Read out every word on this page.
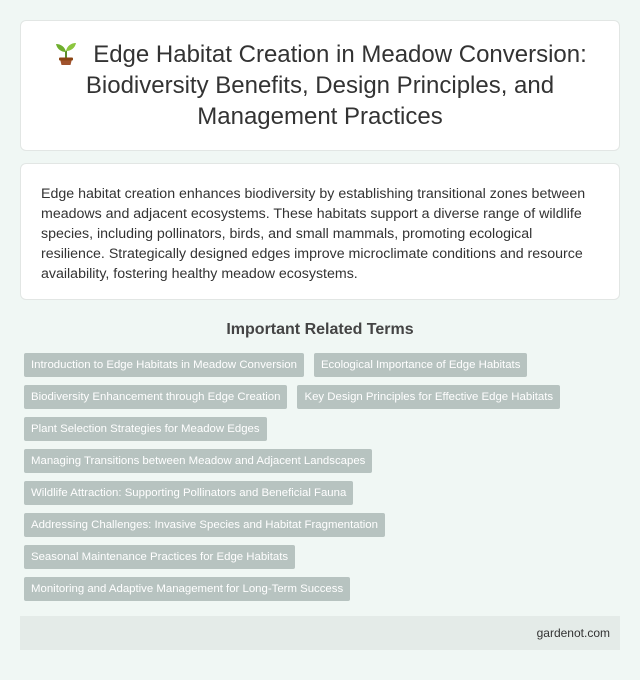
Edge Habitat Creation in Meadow Conversion: Biodiversity Benefits, Design Principles, and Management Practices

Edge habitat creation enhances biodiversity by establishing transitional zones between meadows and adjacent ecosystems. These habitats support a diverse range of wildlife species, including pollinators, birds, and small mammals, promoting ecological resilience. Strategically designed edges improve microclimate conditions and resource availability, fostering healthy meadow ecosystems.

Important Related Terms
Introduction to Edge Habitats in Meadow Conversion	Ecological Importance of Edge Habitats
Biodiversity Enhancement through Edge Creation	Key Design Principles for Effective Edge Habitats
Plant Selection Strategies for Meadow Edges
Managing Transitions between Meadow and Adjacent Landscapes
Wildlife Attraction: Supporting Pollinators and Beneficial Fauna
Addressing Challenges: Invasive Species and Habitat Fragmentation
Seasonal Maintenance Practices for Edge Habitats
Monitoring and Adaptive Management for Long-Term Success
gardenot.com
